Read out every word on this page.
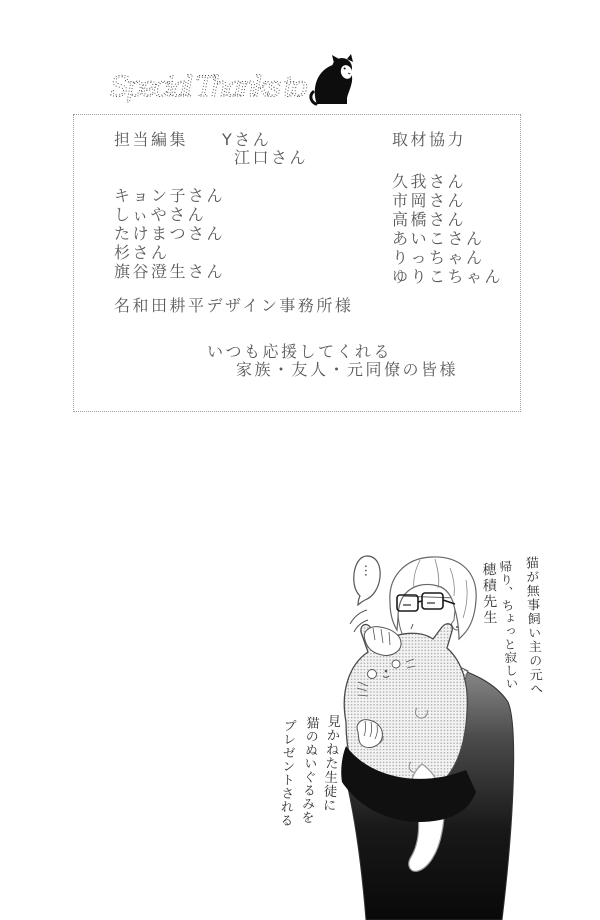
Special Thanks to
担当編集 Yさん
江口さん
キョン子さん
しぃやさん
たけまつさん
杉さん
旗谷澄生さん
名和田耕平デザイン事務所様
取材協力
久我さん
市岡さん
高橋さん
あいこさん
りっちゃん
ゆりこちゃん
いつも応援してくれる
家族・友人・元同僚の皆様
…	猫が無事飼い主の元へ
帰り、ちょっと寂しい
穂積先生
見かねた生徒に
猫のぬいぐるみを
プレゼントされる
